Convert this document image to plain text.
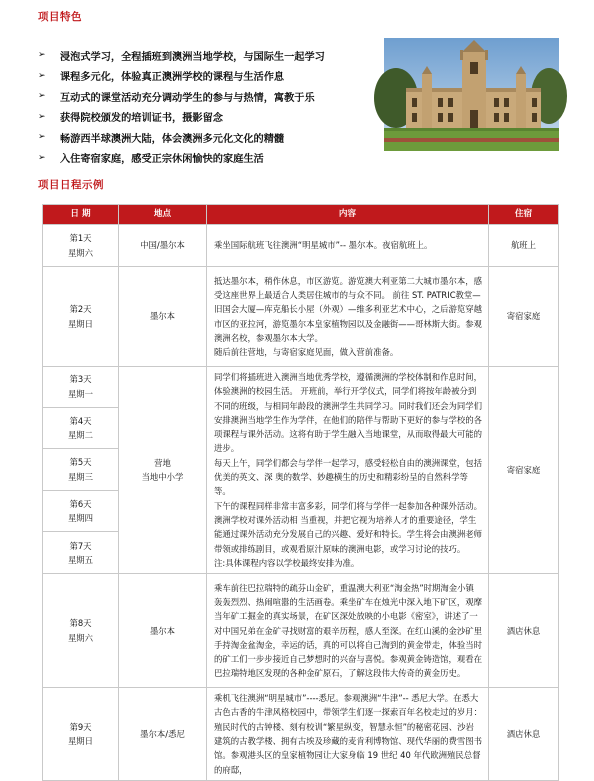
项目特色
➢	浸泡式学习，全程插班到澳洲当地学校，与国际生一起学习
➢	课程多元化，体验真正澳洲学校的课程与生活作息
➢	互动式的课堂活动充分调动学生的参与与热情，寓教于乐
➢	获得院校颁发的培训证书，摄影留念
➢	畅游西半球澳洲大陆，体会澳洲多元化文化的精髓
➢	入住寄宿家庭，感受正宗休闲愉快的家庭生活
项目日程示例
日 期	地点	内容	住宿

第1天
星期六	中国/墨尔本	乘坐国际航班飞往澳洲“明星城市”-- 墨尔本。夜宿航班上。	航班上

第2天
星期日	墨尔本	抵达墨尔本，稍作休息，市区游览。游览澳大利亚第二大城市墨尔本，感受这座世界上最适合人类居住城市的与众不同。 前往 ST. PATRIC教堂—旧国会大厦—库克船长小屋（外观）—维多利亚艺术中心，之后游览穿越市区的亚拉河，游览墨尔本皇家植物园以及金融街——哥林斯大街。参观澳洲名校，参观墨尔本大学。
随后前往营地，与寄宿家庭见面，做入营前准备。	寄宿家庭

第3天
星期一	营地
当地中小学	同学们将插班进入澳洲当地优秀学校，遵循澳洲的学校体制和作息时间，体验澳洲的校园生活。 开班前，举行开学仪式，同学们将按年龄被分到不同的班级，与相同年龄段的澳洲学生共同学习。同时我们还会为同学们安排澳洲当地学生作为学伴，在他们的陪伴与帮助下更好的参与学校的各项课程与课外活动。这将有助于学生融入当地课堂，从而取得最大可能的进步。
每天上午，同学们都会与学伴一起学习，感受轻松自由的澳洲课堂，包括优美的英文、深 奥的数学、妙趣横生的历史和精彩纷呈的自然科学等等。
下午的课程同样非常丰富多彩，同学们将与学伴一起参加各种课外活动。澳洲学校对课外活动相 当重视，并把它视为培养人才的重要途径，学生能通过课外活动充分发展自己的兴趣、爱好和特长。学生将会由澳洲老师带领或排练剧目，或观看原汁原味的澳洲电影，或学习讨论的技巧。
注:具体课程内容以学校最终安排为准。	寄宿家庭

第4天
星期二			

第5天
星期三			

第6天
星期四			

第7天
星期五			

第8天
星期六	墨尔本	乘车前往巴拉瑞特的疏芬山金矿，重温澳大利亚“淘金热”时期淘金小镇轰轰烈烈、热闹喧嚣的生活画卷。乘坐矿车在烛光中深入地下矿区，观摩当年矿工掘金的真实场景，在矿区深处放映的小电影《密室》，讲述了一对中国兄弟在金矿寻找财富的艰辛历程，感人至深。在红山溪的金沙矿里手持淘金盆淘金，幸运的话，真的可以将自己淘到的黄金带走，体验当时的矿工们一步步接近自己梦想时的兴奋与喜悦。参观黄金铸造馆，观看在巴拉瑞特地区发现的各种金矿原石，了解这段伟大传奇的黄金历史。	酒店休息

第9天
星期日	墨尔本/悉尼	乘机飞往澳洲“明星城市”----悉尼。参观澳洲“牛津”-- 悉尼大学。在悉大古色古香的牛津风格校园中，带领学生们逐一探索百年名校走过的岁月：殖民时代的古钟楼、刻有校训“繁星纵变，智慧永恒”的秘密花园、沙岩建筑的古教学楼、拥有古埃及珍藏的麦肯利博物馆、现代华丽的费雪图书馆。参观港头区的皇家植物园让大家身临 19 世纪 40 年代欧洲殖民总督的府邸，	酒店休息
